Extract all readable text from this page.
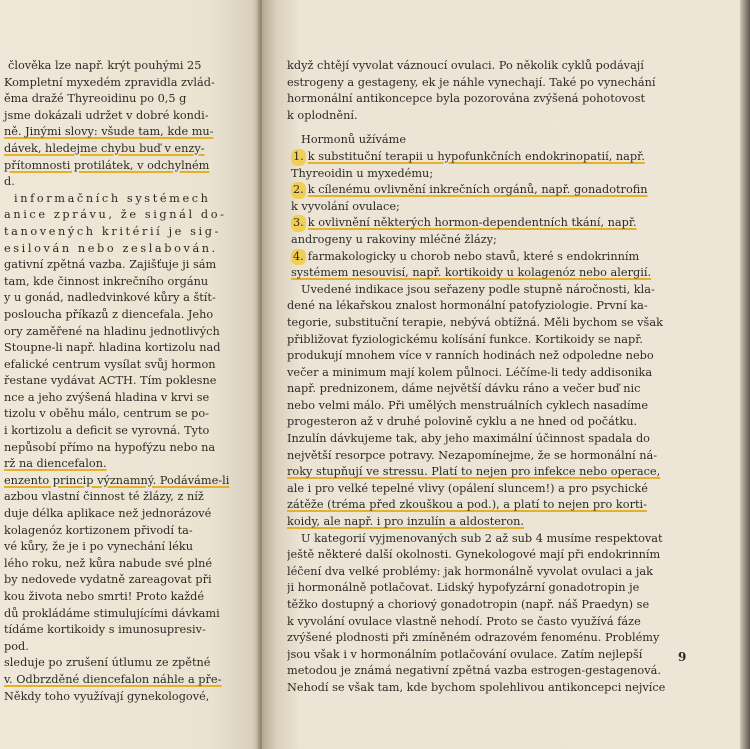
člověka lze např. krýt pouhými 25
Kompletní myxedém zpravidla zvlád-
ěma dražé Thyreoidinu po 0,5 g
jsme dokázali udržet v dobré kondi-
ně. Jinými slovy: všude tam, kde mu-
dávek, hledejme chybu buď v enzy-
přítomnosti protilátek, v odchylném
d.
informačních systémech
anice zprávu, že signál do-
tanovených kritérií je sig-
esilován nebo zeslabován.
gativní zpětná vazba. Zajišťuje ji sám
tam, kde činnost inkrečního orgánu
y u gonád, nadledvinkové kůry a štít-
posloucha příkazů z diencefala. Jeho
ory zaměřené na hladinu jednotlivých
Stoupne-li např. hladina kortizolu nad
efalické centrum vysílat svůj hormon
řestane vydávat ACTH. Tím poklesne
nce a jeho zvýšená hladina v krvi se
tizolu v oběhu málo, centrum se po-
i kortizolu a deficit se vyrovná. Tyto
nepůsobí přímo na hypofýzu nebo na
rž na diencefalon.
enzento princip významný. Podáváme-li
azbou vlastní činnost té žlázy, z níž
duje délka aplikace než jednorázové
kolagenóz kortizonem přivodí ta-
vé kůry, že je i po vynechání léku
lého roku, než kůra nabude své plné
by nedovede vydatně zareagovat při
kou života nebo smrti! Proto každé
dů prokládáme stimulujícími dávkami
tídáme kortikoidy s imunosupresiv-
pod.
sleduje po zrušení útlumu ze zpětné
v. Odbrzděné diencefalon náhle a pře-
Někdy toho využívají gynekologové,
když chtějí vyvolat váznoucí ovulaci. Po několik cyklů podávají
estrogeny a gestageny, ek je náhle vynechají. Také po vynechání
hormonální antikoncepce byla pozorována zvýšená pohotovost
k oplodnění.
Hormonů užíváme
1. k substituční terapii u hypofunkčních endokrinopatií, např.
Thyreoidin u myxedému;
2. k cílenému ovlivnění inkrečních orgánů, např. gonadotrofin
k vyvolání ovulace;
3. k ovlivnění některých hormon-dependentních tkání, např.
androgeny u rakoviny mléčné žlázy;
4. farmakologicky u chorob nebo stavů, které s endokrinním
systémem nesouvisí, např. kortikoidy u kolagenóz nebo alergií.
Uvedené indikace jsou seřazeny podle stupně náročnosti, kla-
dené na lékařskou znalost hormonální patofyziologie. První ka-
tegorie, substituční terapie, nebývá obtížná. Měli bychom se však
přibližovat fyziologickému kolísání funkce. Kortikoidy se např.
produkují mnohem více v ranních hodinách než odpoledne nebo
večer a minimum mají kolem půlnoci. Léčíme-li tedy addisonika
např. prednizonem, dáme největší dávku ráno a večer buď nic
nebo velmi málo. Při umělých menstruálních cyklech nasadíme
progesteron až v druhé polovině cyklu a ne hned od počátku.
Inzulín dávkujeme tak, aby jeho maximální účinnost spadala do
největší resorpce potravy. Nezapomínejme, že se hormonální ná-
roky stupňují ve stressu. Platí to nejen pro infekce nebo operace,
ale i pro velké tepelné vlivy (opálení sluncem!) a pro psychické
zátěže (tréma před zkouškou a pod.), a platí to nejen pro korti-
koidy, ale např. i pro inzulín a aldosteron.
U kategorií vyjmenovaných sub 2 až sub 4 musíme respektovat
ještě některé další okolnosti. Gynekologové mají při endokrinním
léčení dva velké problémy: jak hormonálně vyvolat ovulaci a jak
ji hormonálně potlačovat. Lidský hypofyzární gonadotropin je
těžko dostupný a choriový gonadotropin (např. náš Praedyn) se
k vyvolání ovulace vlastně nehodí. Proto se často využívá fáze
zvýšené plodnosti při zmíněném odrazovém fenoménu. Problémy
jsou však i v hormonálním potlačování ovulace. Zatím nejlepší
metodou je známá negativní zpětná vazba estrogen-gestagenová.
Nehodí se však tam, kde bychom spolehlivou antikoncepci nejvíce
9
